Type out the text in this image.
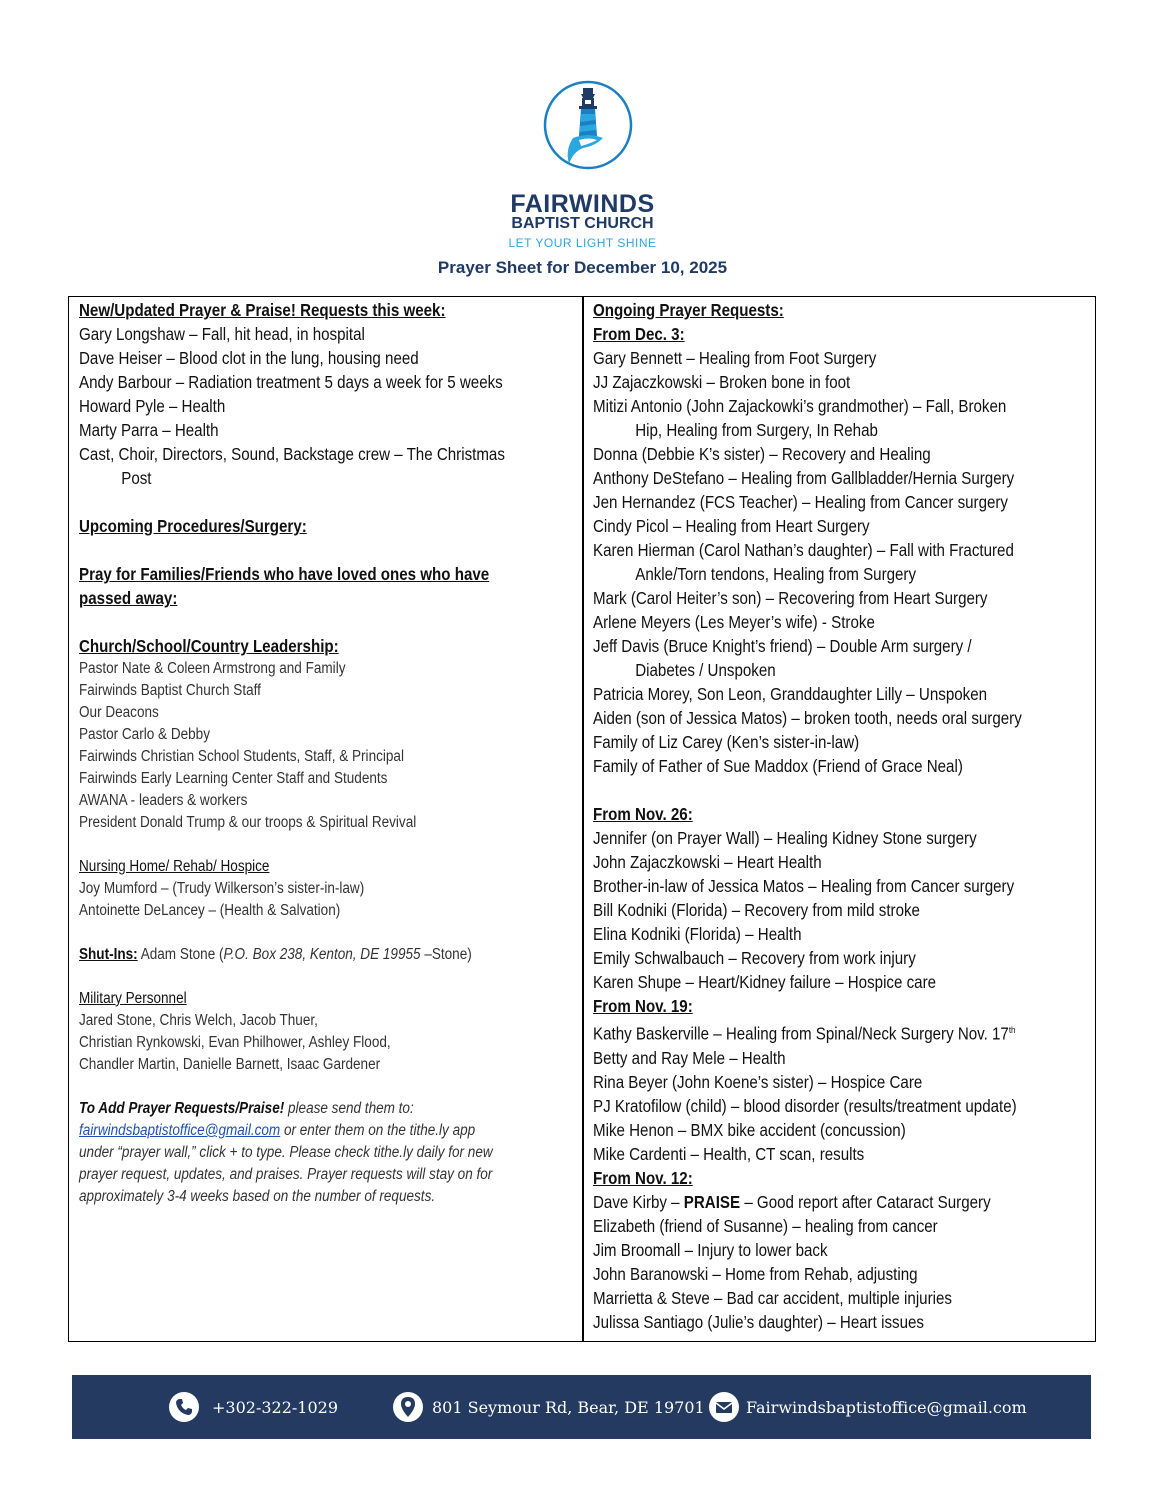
FAIRWINDS
BAPTIST CHURCH
LET YOUR LIGHT SHINE
Prayer Sheet for December 10, 2025
New/Updated Prayer & Praise! Requests this week:
Gary Longshaw – Fall, hit head, in hospital
Dave Heiser – Blood clot in the lung, housing need
Andy Barbour – Radiation treatment 5 days a week for 5 weeks
Howard Pyle – Health
Marty Parra – Health
Cast, Choir, Directors, Sound, Backstage crew – The Christmas
Post
Upcoming Procedures/Surgery:
Pray for Families/Friends who have loved ones who have
passed away:
Church/School/Country Leadership:
Pastor Nate & Coleen Armstrong and Family
Fairwinds Baptist Church Staff
Our Deacons
Pastor Carlo & Debby
Fairwinds Christian School Students, Staff, & Principal
Fairwinds Early Learning Center Staff and Students
AWANA - leaders & workers
President Donald Trump & our troops & Spiritual Revival
Nursing Home/ Rehab/ Hospice
Joy Mumford – (Trudy Wilkerson’s sister-in-law)
Antoinette DeLancey – (Health & Salvation)
Shut-Ins: Adam Stone (P.O. Box 238, Kenton, DE 19955 –Stone)
Military Personnel
Jared Stone, Chris Welch, Jacob Thuer,
Christian Rynkowski, Evan Philhower, Ashley Flood,
Chandler Martin, Danielle Barnett, Isaac Gardener
To Add Prayer Requests/Praise! please send them to:
fairwindsbaptistoffice@gmail.com or enter them on the tithe.ly app
under “prayer wall,” click + to type. Please check tithe.ly daily for new
prayer request, updates, and praises. Prayer requests will stay on for
approximately 3-4 weeks based on the number of requests.
Ongoing Prayer Requests:
From Dec. 3:
Gary Bennett – Healing from Foot Surgery
JJ Zajaczkowski – Broken bone in foot
Mitizi Antonio (John Zajackowki’s grandmother) – Fall, Broken
Hip, Healing from Surgery, In Rehab
Donna (Debbie K’s sister) – Recovery and Healing
Anthony DeStefano – Healing from Gallbladder/Hernia Surgery
Jen Hernandez (FCS Teacher) – Healing from Cancer surgery
Cindy Picol – Healing from Heart Surgery
Karen Hierman (Carol Nathan’s daughter) – Fall with Fractured
Ankle/Torn tendons, Healing from Surgery
Mark (Carol Heiter’s son) – Recovering from Heart Surgery
Arlene Meyers (Les Meyer’s wife) - Stroke
Jeff Davis (Bruce Knight’s friend) – Double Arm surgery /
Diabetes / Unspoken
Patricia Morey, Son Leon, Granddaughter Lilly – Unspoken
Aiden (son of Jessica Matos) – broken tooth, needs oral surgery
Family of Liz Carey (Ken’s sister-in-law)
Family of Father of Sue Maddox (Friend of Grace Neal)
From Nov. 26:
Jennifer (on Prayer Wall) – Healing Kidney Stone surgery
John Zajaczkowski – Heart Health
Brother-in-law of Jessica Matos – Healing from Cancer surgery
Bill Kodniki (Florida) – Recovery from mild stroke
Elina Kodniki (Florida) – Health
Emily Schwalbauch – Recovery from work injury
Karen Shupe – Heart/Kidney failure – Hospice care
From Nov. 19:
Kathy Baskerville – Healing from Spinal/Neck Surgery Nov. 17th
Betty and Ray Mele – Health
Rina Beyer (John Koene’s sister) – Hospice Care
PJ Kratofilow (child) – blood disorder (results/treatment update)
Mike Henon – BMX bike accident (concussion)
Mike Cardenti – Health, CT scan, results
From Nov. 12:
Dave Kirby – PRAISE – Good report after Cataract Surgery
Elizabeth (friend of Susanne) – healing from cancer
Jim Broomall – Injury to lower back
John Baranowski – Home from Rehab, adjusting
Marrietta & Steve – Bad car accident, multiple injuries
Julissa Santiago (Julie’s daughter) – Heart issues
+302-322-1029	801 Seymour Rd, Bear, DE 19701	Fairwindsbaptistoffice@gmail.com
